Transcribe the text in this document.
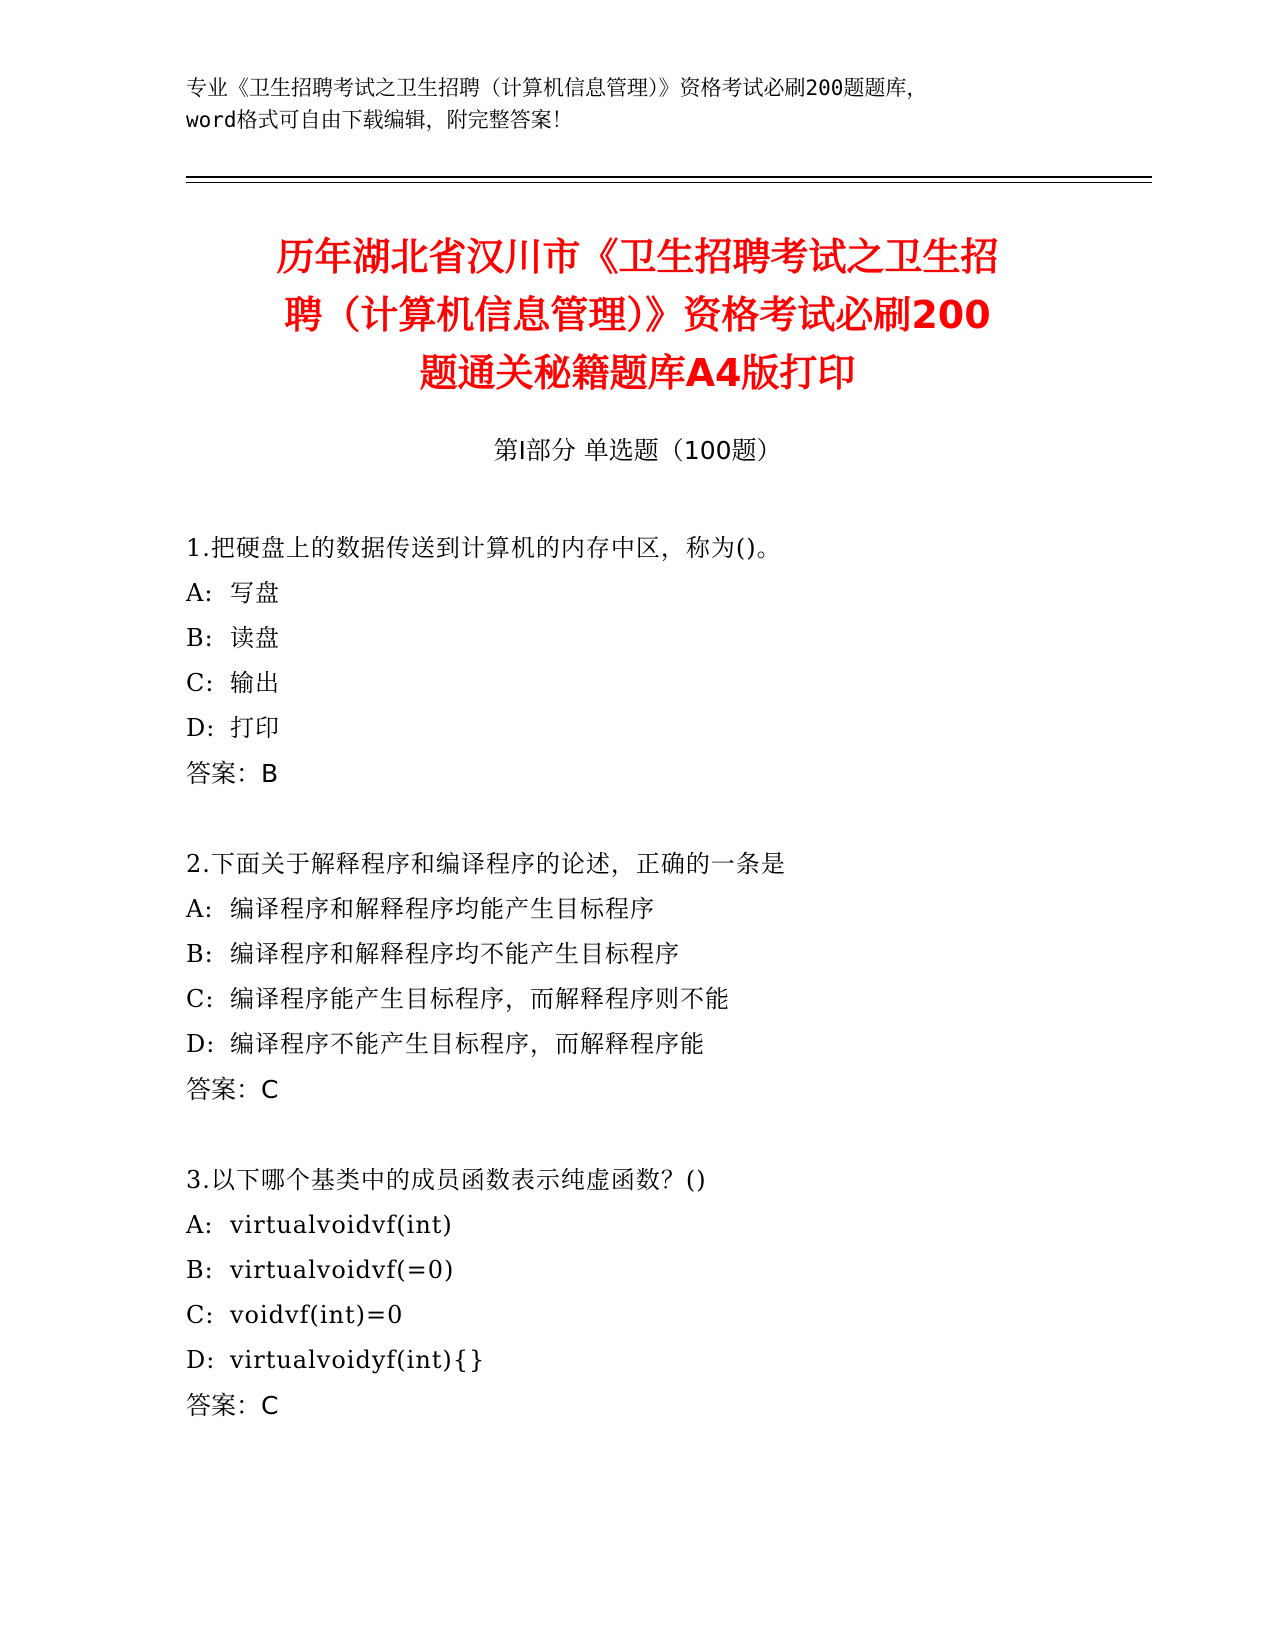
专业《卫生招聘考试之卫生招聘（计算机信息管理）》资格考试必刷200题题库，
word格式可自由下载编辑，附完整答案！
历年湖北省汉川市《卫生招聘考试之卫生招
聘（计算机信息管理）》资格考试必刷200
题通关秘籍题库A4版打印
第Ⅰ部分 单选题（100题）
1.把硬盘上的数据传送到计算机的内存中区，称为()。
A: 写盘
B: 读盘
C: 输出
D: 打印
答案：B
2.下面关于解释程序和编译程序的论述，正确的一条是
A: 编译程序和解释程序均能产生目标程序
B: 编译程序和解释程序均不能产生目标程序
C: 编译程序能产生目标程序，而解释程序则不能
D: 编译程序不能产生目标程序，而解释程序能
答案：C
3.以下哪个基类中的成员函数表示纯虚函数？()
A: virtualvoidvf(int)
B: virtualvoidvf(=0)
C: voidvf(int)=0
D: virtualvoidyf(int){}
答案：C
